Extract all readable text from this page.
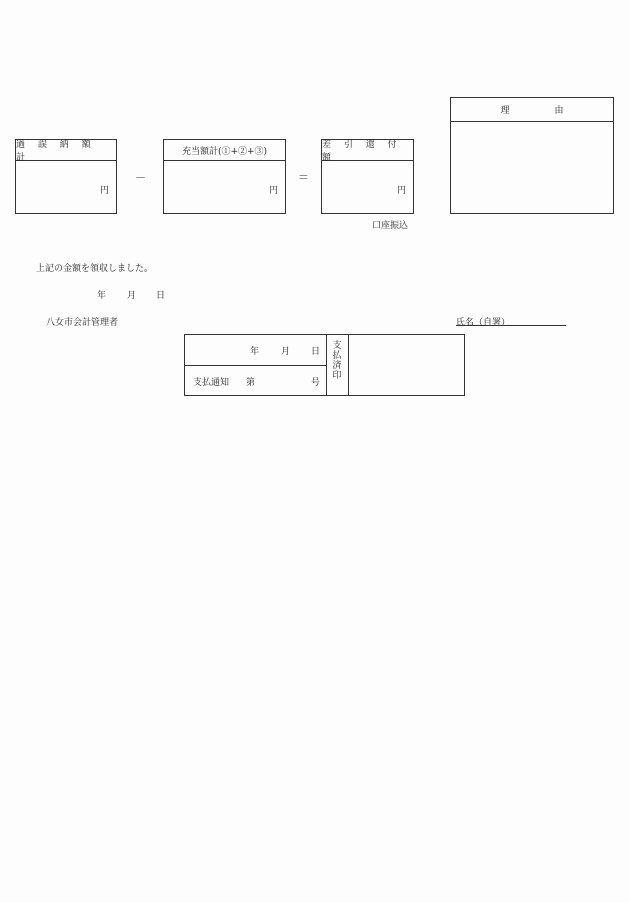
過 誤 納 額 計
円
－
充当額計(①+②+③)
円
＝
差 引 還 付 額
円
理　　　　　由
口座振込
上記の金額を領収しました。
年 月 日
八女市会計管理者	氏名（自署）
年 月 日
支払通知 第	号
支
払
済
印
